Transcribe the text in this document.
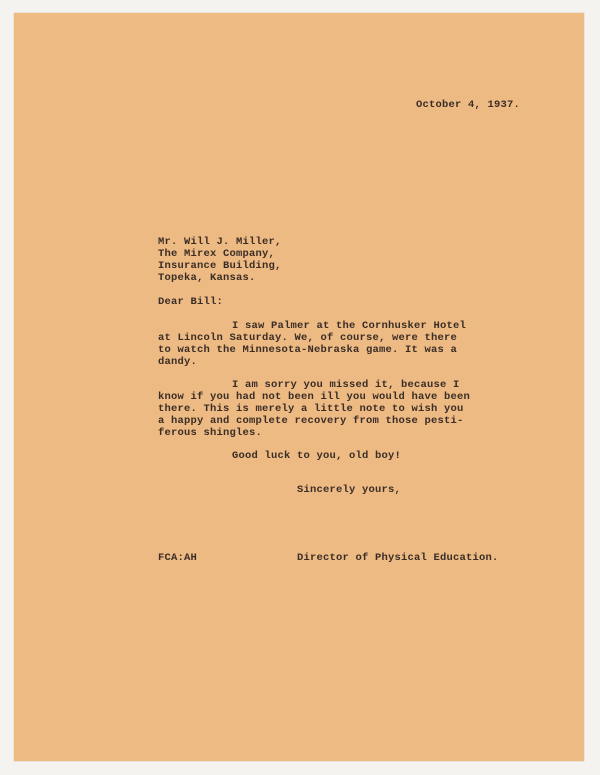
October 4, 1937.

Mr. Will J. Miller,

The Mirex Company,

Insurance Building,

Topeka, Kansas.

Dear Bill:

I saw Palmer at the Cornhusker Hotel

at Lincoln Saturday. We, of course, were there

to watch the Minnesota-Nebraska game. It was a

dandy.

I am sorry you missed it, because I

know if you had not been ill you would have been

there. This is merely a little note to wish you

a happy and complete recovery from those pesti-

ferous shingles.

Good luck to you, old boy!

Sincerely yours,

FCA:AH	Director of Physical Education.
